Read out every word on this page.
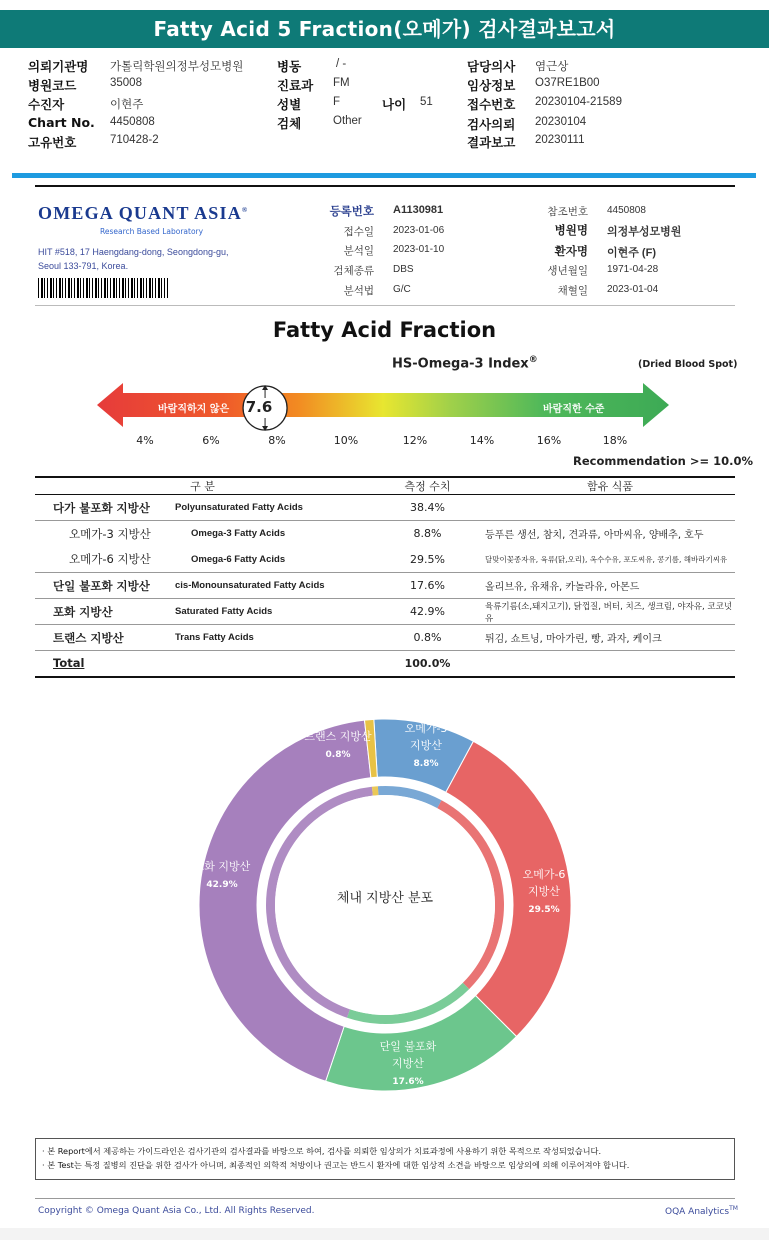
Fatty Acid 5 Fraction(오메가) 검사결과보고서
의뢰기관명 가톨릭학원의정부성모병원
병원코드	35008
수진자	이현주
Chart No. 4450808
고유번호	710428-2
병동	/ -
진료과 FM
성별	F
검체	Other
나이 51
담당의사 염근상
임상정보 O37RE1B00
접수번호 20230104-21589
검사의뢰 20230104
결과보고 20230111
OMEGA QUANT ASIA®
Research Based Laboratory
HIT #518, 17 Haengdang-dong, Seongdong-gu,
Seoul 133-791, Korea.
등록번호 A1130981
접수일 2023-01-06
분석일 2023-01-10
검체종류 DBS
분석법 G/C
참조번호 4450808
병원명 의정부성모병원
환자명 이현주 (F)
생년월일 1971-04-28
채혈일 2023-01-04
Fatty Acid Fraction
HS-Omega-3 Index®	(Dried Blood Spot)
7.6
바람직하지 않은	바람직한 수준
4%	6%	8%	10%	12%	14%	16%	18%
Recommendation >= 10.0%
구 분		측정 수치	함유 식품
다가 불포화 지방산	Polyunsaturated Fatty Acids	38.4%	
오메가-3 지방산	Omega-3 Fatty Acids	8.8%	등푸른 생선, 참치, 견과류, 아마씨유, 양배추, 호두
오메가-6 지방산	Omega-6 Fatty Acids	29.5%	달맞이꽃종자유, 육류(닭,오리), 옥수수유, 포도씨유, 콩기름, 해바라기씨유
단일 불포화 지방산	cis-Monounsaturated Fatty Acids	17.6%	올리브유, 유채유, 카놀라유, 아몬드
포화 지방산	Saturated Fatty Acids	42.9%	육류기름(소,돼지고기), 닭껍질, 버터, 치즈, 생크림, 야자유, 코코넛유
트랜스 지방산	Trans Fatty Acids	0.8%	튀김, 쇼트닝, 마아가린, 빵, 과자, 케이크
Total		100.0%	
오메가-3
지방산
8.8%
오메가-6
지방산
29.5%
단일 불포화
지방산
17.6%
포화 지방산
42.9%
트랜스 지방산
0.8%
체내 지방산 분포
· 본 Report에서 제공하는 가이드라인은 검사기관의 검사결과를 바탕으로 하여, 검사를 의뢰한 임상의가 치료과정에 사용하기 위한 목적으로 작성되었습니다.
· 본 Test는 특정 질병의 진단을 위한 검사가 아니며, 최종적인 의학적 처방이나 권고는 반드시 환자에 대한 임상적 소견을 바탕으로 임상의에 의해 이루어져야 합니다.
Copyright © Omega Quant Asia Co., Ltd. All Rights Reserved.	OQA Analytics™
